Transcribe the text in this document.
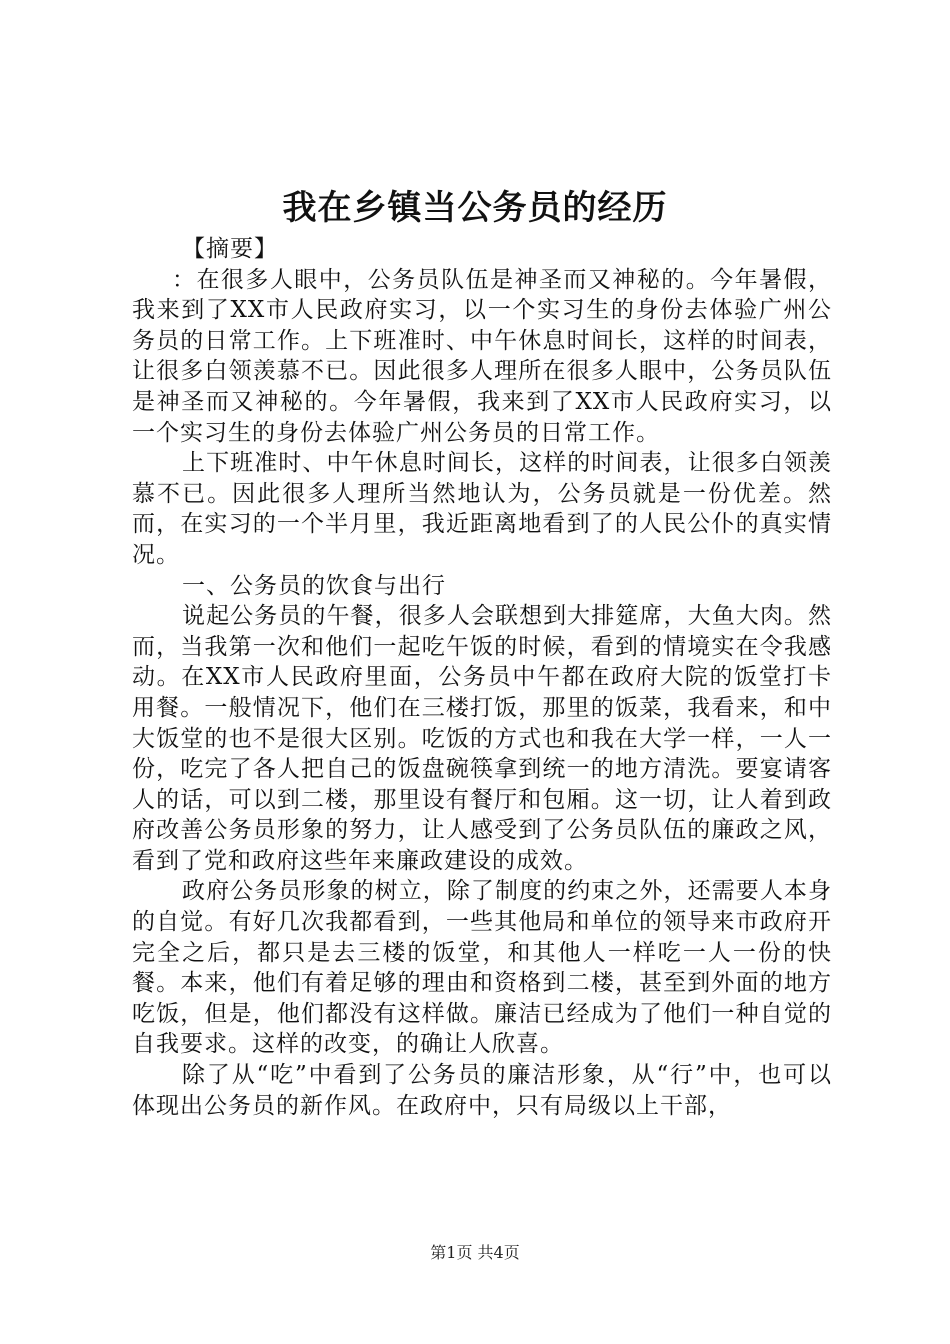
我在乡镇当公务员的经历

【摘要】

：在很多人眼中，公务员队伍是神圣而又神秘的。今年暑假，我来到了XX市人民政府实习，以一个实习生的身份去体验广州公务员的日常工作。上下班准时、中午休息时间长，这样的时间表，让很多白领羡慕不已。因此很多人理所在很多人眼中，公务员队伍是神圣而又神秘的。今年暑假，我来到了XX市人民政府实习，以一个实习生的身份去体验广州公务员的日常工作。

上下班准时、中午休息时间长，这样的时间表，让很多白领羡慕不已。因此很多人理所当然地认为，公务员就是一份优差。然而，在实习的一个半月里，我近距离地看到了的人民公仆的真实情况。

一、公务员的饮食与出行

说起公务员的午餐，很多人会联想到大排筵席，大鱼大肉。然而，当我第一次和他们一起吃午饭的时候，看到的情境实在令我感动。在XX市人民政府里面，公务员中午都在政府大院的饭堂打卡用餐。一般情况下，他们在三楼打饭，那里的饭菜，我看来，和中大饭堂的也不是很大区别。吃饭的方式也和我在大学一样，一人一份，吃完了各人把自己的饭盘碗筷拿到统一的地方清洗。要宴请客人的话，可以到二楼，那里设有餐厅和包厢。这一切，让人着到政府改善公务员形象的努力，让人感受到了公务员队伍的廉政之风，看到了党和政府这些年来廉政建设的成效。

政府公务员形象的树立，除了制度的约束之外，还需要人本身的自觉。有好几次我都看到，一些其他局和单位的领导来市政府开完全之后，都只是去三楼的饭堂，和其他人一样吃一人一份的快餐。本来，他们有着足够的理由和资格到二楼，甚至到外面的地方吃饭，但是，他们都没有这样做。廉洁已经成为了他们一种自觉的自我要求。这样的改变，的确让人欣喜。

除了从“吃”中看到了公务员的廉洁形象，从“行”中，也可以体现出公务员的新作风。在政府中，只有局级以上干部，

第1页 共4页
